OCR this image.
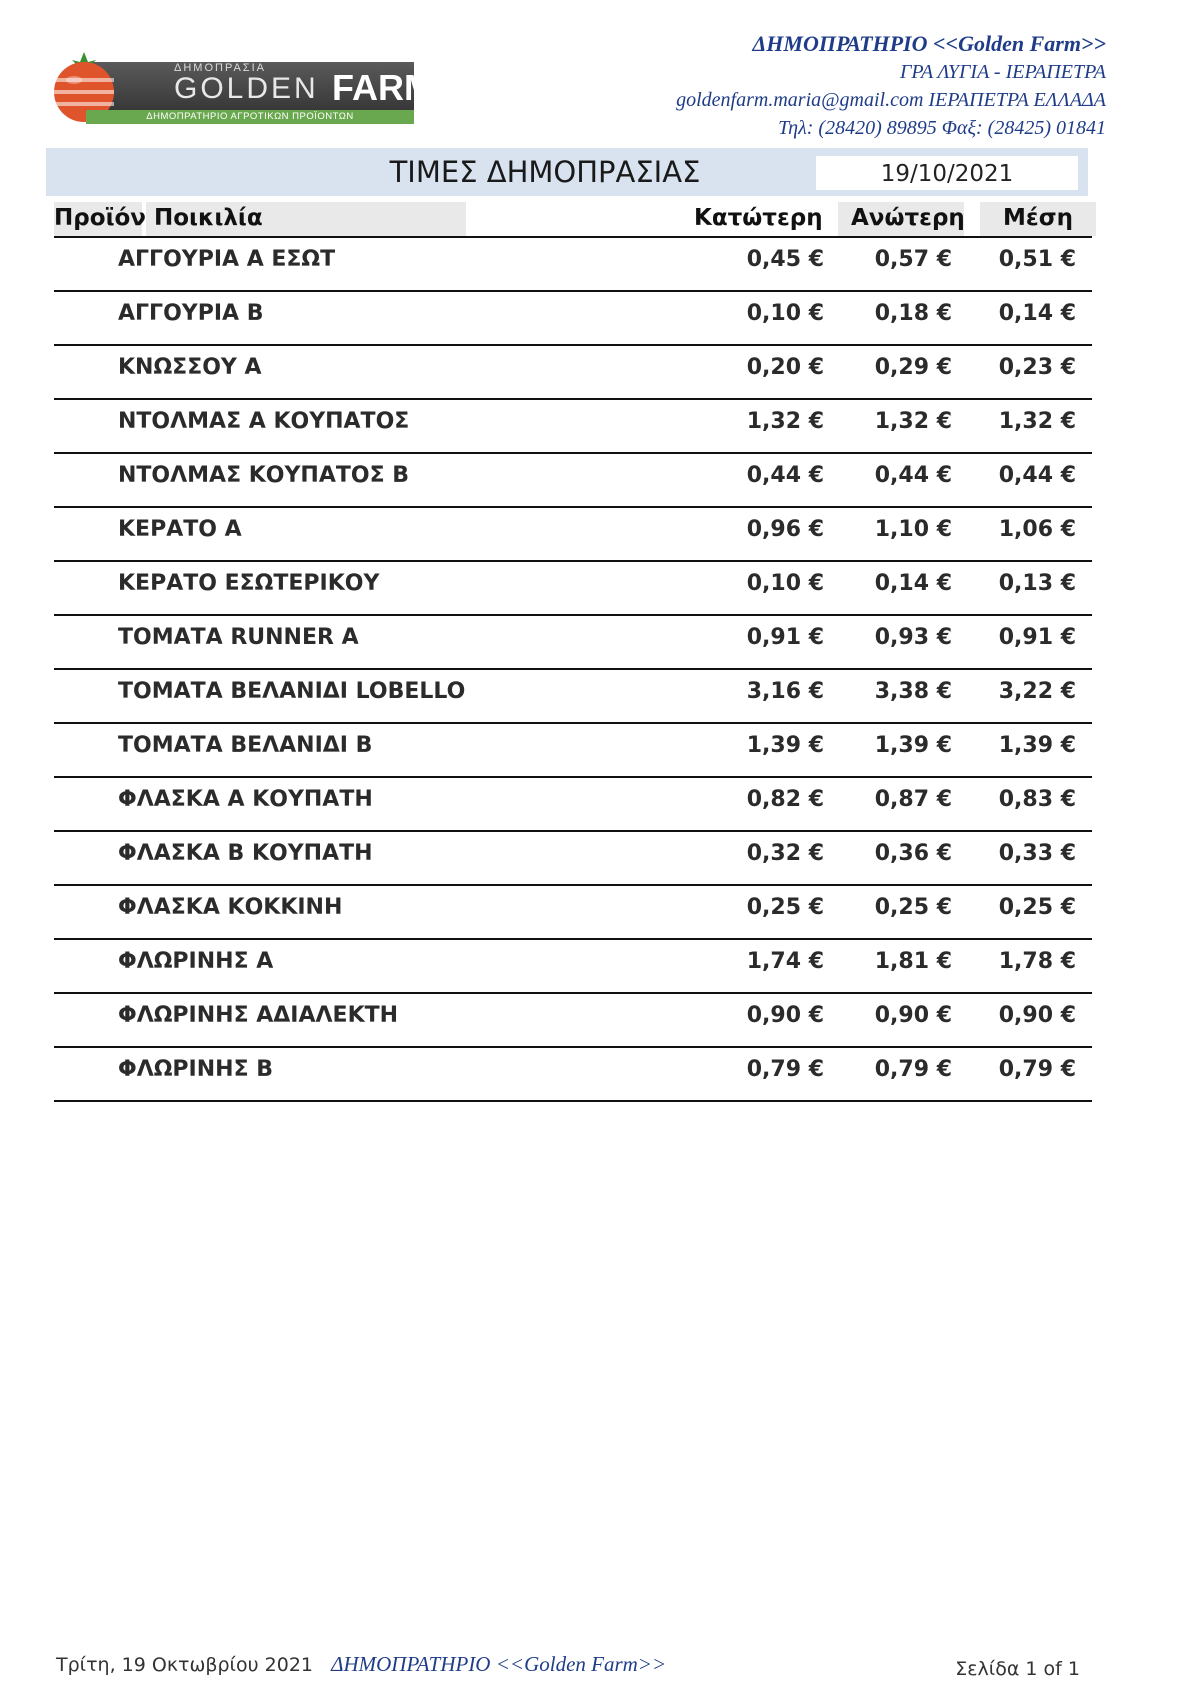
ΔΗΜΟΠΡΑΣΙΑ
GOLDEN FARM
ΔΗΜΟΠΡΑΤΗΡΙΟ ΑΓΡΟΤΙΚΩΝ ΠΡΟΪΟΝΤΩΝ
ΔΗΜΟΠΡΑΤΗΡΙΟ <<Golden Farm>>
ΓΡΑ ΛΥΓΙΑ - ΙΕΡΑΠΕΤΡΑ
goldenfarm.maria@gmail.com ΙΕΡΑΠΕΤΡΑ ΕΛΛΑΔΑ
Τηλ: (28420) 89895 Φαξ: (28425) 01841
ΤΙΜΕΣ ΔΗΜΟΠΡΑΣΙΑΣ	19/10/2021
Προϊόν Ποικιλία	Κατώτερη Ανώτερη Μέση
ΑΓΓΟΥΡΙΑ Α ΕΣΩΤ	0,45 € 0,57 € 0,51 €
ΑΓΓΟΥΡΙΑ Β	0,10 € 0,18 € 0,14 €
ΚΝΩΣΣΟΥ Α	0,20 € 0,29 € 0,23 €
ΝΤΟΛΜΑΣ Α ΚΟΥΠΑΤΟΣ	1,32 € 1,32 € 1,32 €
ΝΤΟΛΜΑΣ ΚΟΥΠΑΤΟΣ Β	0,44 € 0,44 € 0,44 €
ΚΕΡΑΤΟ Α	0,96 € 1,10 € 1,06 €
ΚΕΡΑΤΟ ΕΣΩΤΕΡΙΚΟΥ	0,10 € 0,14 € 0,13 €
ΤΟΜΑΤΑ RUNNER Α	0,91 € 0,93 € 0,91 €
ΤΟΜΑΤΑ ΒΕΛΑΝΙΔΙ LOBELLO	3,16 € 3,38 € 3,22 €
ΤΟΜΑΤΑ ΒΕΛΑΝΙΔΙ Β	1,39 € 1,39 € 1,39 €
ΦΛΑΣΚΑ Α ΚΟΥΠΑΤΗ	0,82 € 0,87 € 0,83 €
ΦΛΑΣΚΑ Β ΚΟΥΠΑΤΗ	0,32 € 0,36 € 0,33 €
ΦΛΑΣΚΑ ΚΟΚΚΙΝΗ	0,25 € 0,25 € 0,25 €
ΦΛΩΡΙΝΗΣ Α	1,74 € 1,81 € 1,78 €
ΦΛΩΡΙΝΗΣ ΑΔΙΑΛΕΚΤΗ	0,90 € 0,90 € 0,90 €
ΦΛΩΡΙΝΗΣ Β	0,79 € 0,79 € 0,79 €
Τρίτη, 19 Οκτωβρίου 2021 ΔΗΜΟΠΡΑΤΗΡΙΟ <<Golden Farm>>	Σελίδα 1 of 1
